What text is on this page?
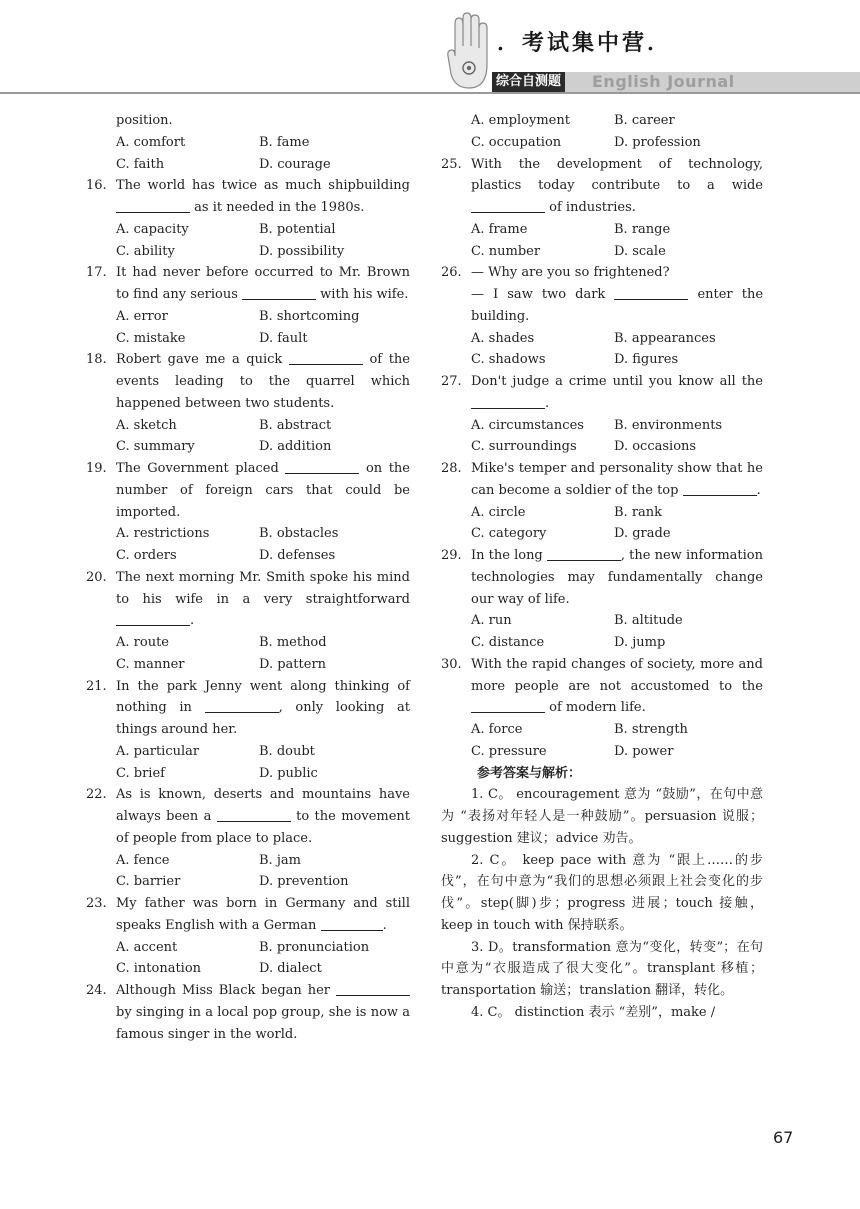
．考试集中营．
综合自测题 English Journal
position.
A. comfort	B. fame
C. faith	D. courage
16. The world has twice as much shipbuilding  as it needed in the 1980s.
A. capacity	B. potential
C. ability	D. possibility
17. It had never before occurred to Mr. Brown to find any serious	with his wife.
A. error	B. shortcoming
C. mistake	D. fault
18. Robert gave me a quick	of the events leading to the quarrel which happened between two students.
A. sketch	B. abstract
C. summary	D. addition
19. The Government placed	on the number of foreign cars that could be imported.
A. restrictions	B. obstacles
C. orders	D. defenses
20. The next morning Mr. Smith spoke his mind to his wife in a very straightforward .
A. route	B. method
C. manner	D. pattern
21. In the park Jenny went along thinking of nothing in	, only looking at things around her.
A. particular	B. doubt
C. brief	D. public
22. As is known, deserts and mountains have always been a	to the movement of people from place to place.
A. fence	B. jam
C. barrier	D. prevention
23. My father was born in Germany and still speaks English with a German	.
A. accent	B. pronunciation
C. intonation	D. dialect
24. Although Miss Black began her  by singing in a local pop group, she is now a famous singer in the world.
A. employment	B. career
C. occupation	D. profession
25. With the development of technology, plastics today contribute to a wide  of industries.
A. frame	B. range
C. number	D. scale
26. — Why are you so frightened?
— I saw two dark	enter the building.
A. shades	B. appearances
C. shadows	D. figures
27. Don't judge a crime until you know all the .
A. circumstances	B. environments
C. surroundings	D. occasions
28. Mike's temper and personality show that he can become a soldier of the top	.
A. circle	B. rank
C. category	D. grade
29. In the long	, the new information technologies may fundamentally change our way of life.
A. run	B. altitude
C. distance	D. jump
30. With the rapid changes of society, more and more people are not accustomed to the  of modern life.
A. force	B. strength
C. pressure	D. power
参考答案与解析：
1. C。 encouragement 意为 “鼓励”，在句中意为 “表扬对年轻人是一种鼓励”。persuasion 说服；suggestion 建议；advice 劝告。
2. C。 keep pace with 意为 “跟上……的步伐”，在句中意为“我们的思想必须跟上社会变化的步伐”。step(脚)步；progress 进展；touch 接触，keep in touch with 保持联系。
3. D。transformation 意为“变化，转变”；在句中意为“衣服造成了很大变化”。transplant 移植；transportation 输送；translation 翻译，转化。
4. C。 distinction 表示 “差别”，make /
67
